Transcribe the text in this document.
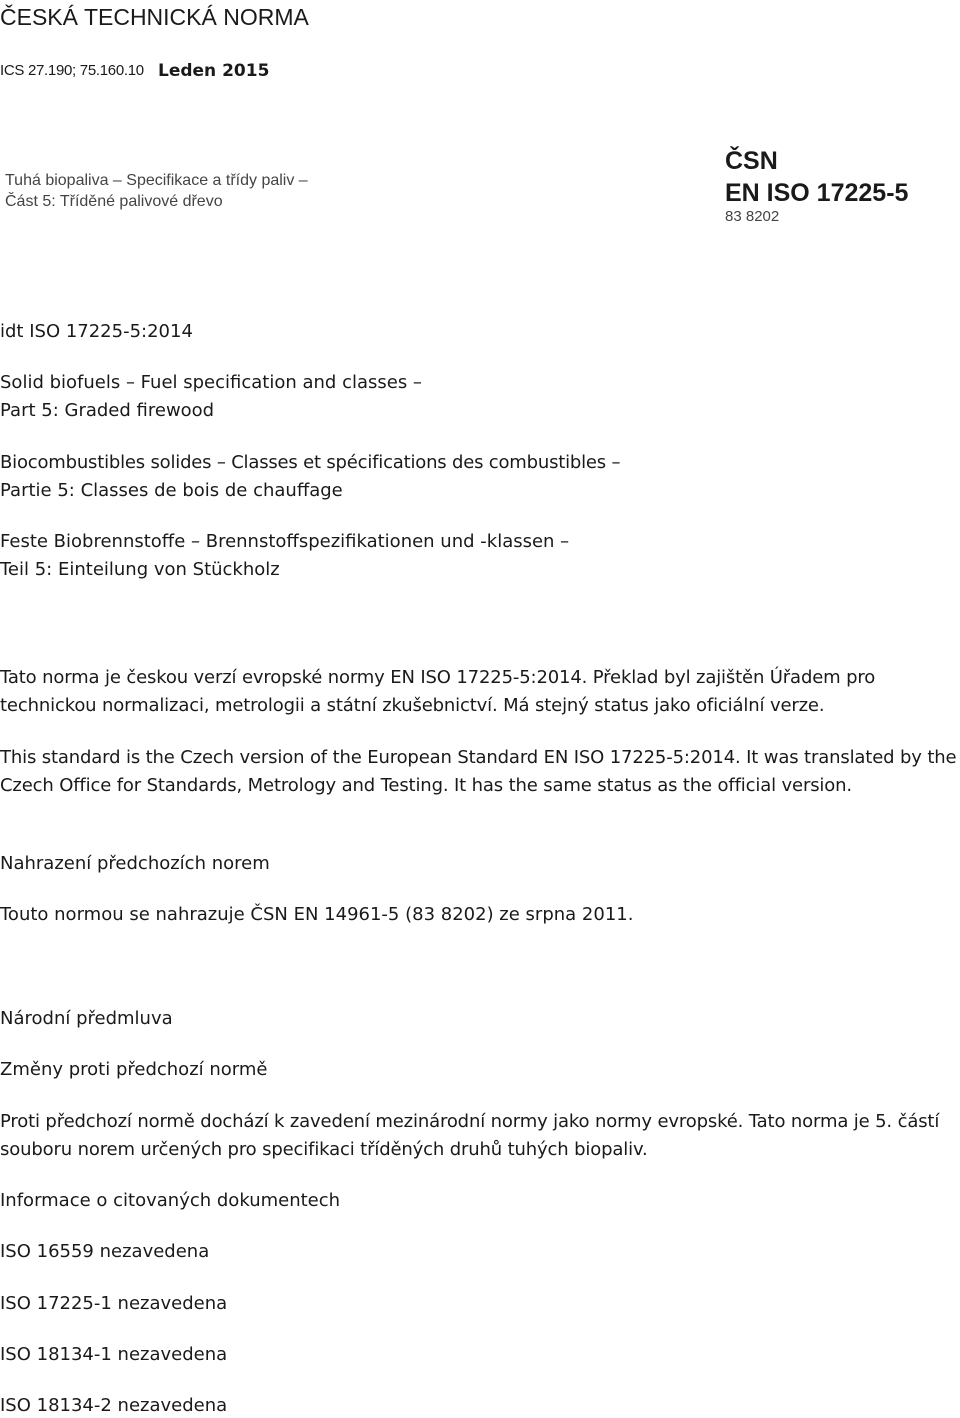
ČESKÁ TECHNICKÁ NORMA

ICS 27.190; 75.160.10 Leden 2015

Tuhá biopaliva – Specifikace a třídy paliv –

Část 5: Tříděné palivové dřevo

ČSN

EN ISO 17225-5

83 8202

idt ISO 17225-5:2014

Solid biofuels – Fuel specification and classes –

Part 5: Graded firewood

Biocombustibles solides – Classes et spécifications des combustibles –

Partie 5: Classes de bois de chauffage

Feste Biobrennstoffe – Brennstoffspezifikationen und -klassen –

Teil 5: Einteilung von Stückholz

Tato norma je českou verzí evropské normy EN ISO 17225-5:2014. Překlad byl zajištěn Úřadem pro technickou normalizaci, metrologii a státní zkušebnictví. Má stejný status jako oficiální verze.

This standard is the Czech version of the European Standard EN ISO 17225-5:2014. It was translated by the Czech Office for Standards, Metrology and Testing. It has the same status as the official version.

Nahrazení předchozích norem

Touto normou se nahrazuje ČSN EN 14961-5 (83 8202) ze srpna 2011.

Národní předmluva

Změny proti předchozí normě

Proti předchozí normě dochází k zavedení mezinárodní normy jako normy evropské. Tato norma je 5. částí souboru norem určených pro specifikaci tříděných druhů tuhých biopaliv.

Informace o citovaných dokumentech

ISO 16559 nezavedena

ISO 17225-1 nezavedena

ISO 18134-1 nezavedena

ISO 18134-2 nezavedena
